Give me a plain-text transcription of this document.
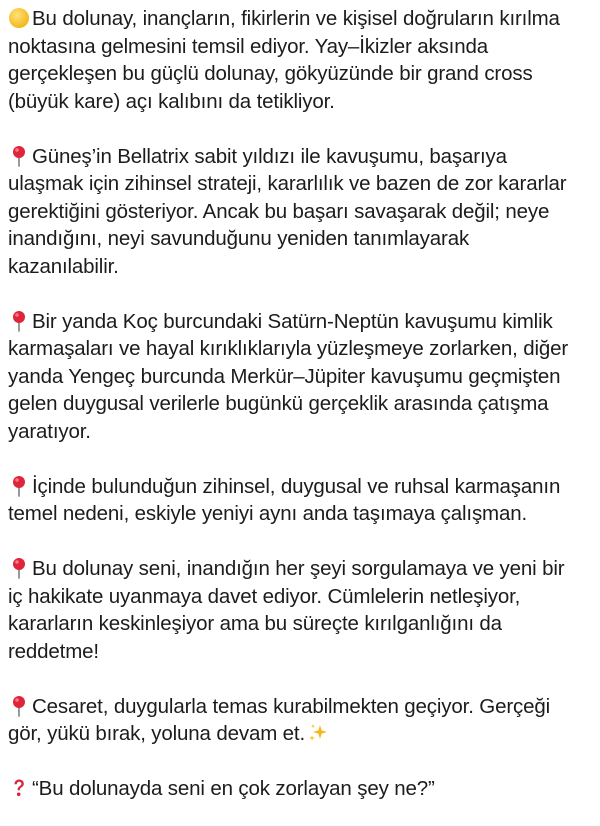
Bu dolunay, inançların, fikirlerin ve kişisel doğruların kırılma
noktasına gelmesini temsil ediyor. Yay–İkizler aksında
gerçekleşen bu güçlü dolunay, gökyüzünde bir grand cross
(büyük kare) açı kalıbını da tetikliyor.

Güneş’in Bellatrix sabit yıldızı ile kavuşumu, başarıya
ulaşmak için zihinsel strateji, kararlılık ve bazen de zor kararlar
gerektiğini gösteriyor. Ancak bu başarı savaşarak değil; neye
inandığını, neyi savunduğunu yeniden tanımlayarak
kazanılabilir.

Bir yanda Koç burcundaki Satürn-Neptün kavuşumu kimlik
karmaşaları ve hayal kırıklıklarıyla yüzleşmeye zorlarken, diğer
yanda Yengeç burcunda Merkür–Jüpiter kavuşumu geçmişten
gelen duygusal verilerle bugünkü gerçeklik arasında çatışma
yaratıyor.

İçinde bulunduğun zihinsel, duygusal ve ruhsal karmaşanın
temel nedeni, eskiyle yeniyi aynı anda taşımaya çalışman.

Bu dolunay seni, inandığın her şeyi sorgulamaya ve yeni bir
iç hakikate uyanmaya davet ediyor. Cümlelerin netleşiyor,
kararların keskinleşiyor ama bu süreçte kırılganlığını da
reddetme!

Cesaret, duygularla temas kurabilmekten geçiyor. Gerçeği
gör, yükü bırak, yoluna devam et.

“Bu dolunayda seni en çok zorlayan şey ne?”
